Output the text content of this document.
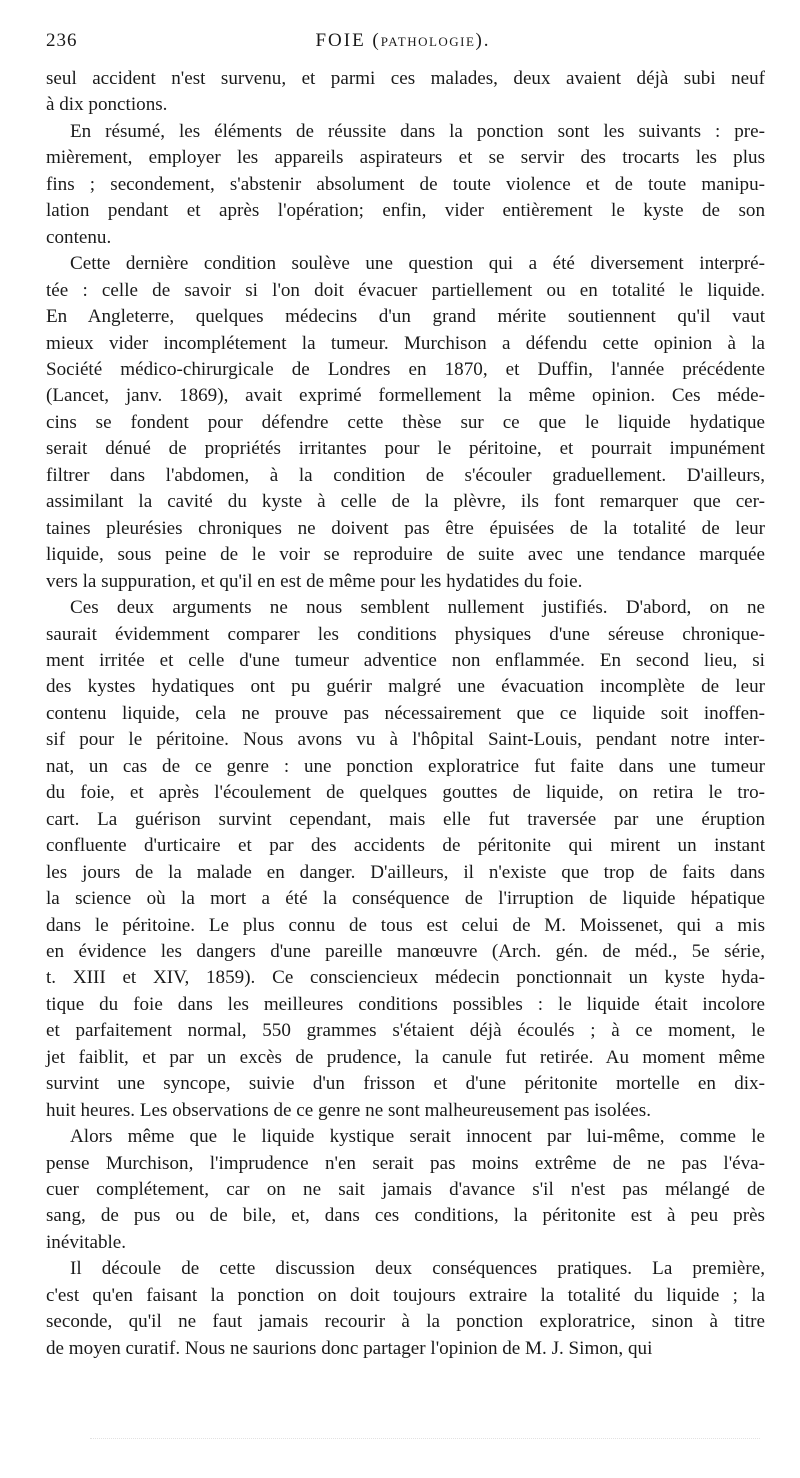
236	FOIE (PATHOLOGIE).
seul accident n'est survenu, et parmi ces malades, deux avaient déjà subi neuf
à dix ponctions.
En résumé, les éléments de réussite dans la ponction sont les suivants : pre-
mièrement, employer les appareils aspirateurs et se servir des trocarts les plus
fins ; secondement, s'abstenir absolument de toute violence et de toute manipu-
lation pendant et après l'opération; enfin, vider entièrement le kyste de son
contenu.
Cette dernière condition soulève une question qui a été diversement interpré-
tée : celle de savoir si l'on doit évacuer partiellement ou en totalité le liquide.
En Angleterre, quelques médecins d'un grand mérite soutiennent qu'il vaut
mieux vider incomplétement la tumeur. Murchison a défendu cette opinion à la
Société médico-chirurgicale de Londres en 1870, et Duffin, l'année précédente
(Lancet, janv. 1869), avait exprimé formellement la même opinion. Ces méde-
cins se fondent pour défendre cette thèse sur ce que le liquide hydatique
serait dénué de propriétés irritantes pour le péritoine, et pourrait impunément
filtrer dans l'abdomen, à la condition de s'écouler graduellement. D'ailleurs,
assimilant la cavité du kyste à celle de la plèvre, ils font remarquer que cer-
taines pleurésies chroniques ne doivent pas être épuisées de la totalité de leur
liquide, sous peine de le voir se reproduire de suite avec une tendance marquée
vers la suppuration, et qu'il en est de même pour les hydatides du foie.
Ces deux arguments ne nous semblent nullement justifiés. D'abord, on ne
saurait évidemment comparer les conditions physiques d'une séreuse chronique-
ment irritée et celle d'une tumeur adventice non enflammée. En second lieu, si
des kystes hydatiques ont pu guérir malgré une évacuation incomplète de leur
contenu liquide, cela ne prouve pas nécessairement que ce liquide soit inoffen-
sif pour le péritoine. Nous avons vu à l'hôpital Saint-Louis, pendant notre inter-
nat, un cas de ce genre : une ponction exploratrice fut faite dans une tumeur
du foie, et après l'écoulement de quelques gouttes de liquide, on retira le tro-
cart. La guérison survint cependant, mais elle fut traversée par une éruption
confluente d'urticaire et par des accidents de péritonite qui mirent un instant
les jours de la malade en danger. D'ailleurs, il n'existe que trop de faits dans
la science où la mort a été la conséquence de l'irruption de liquide hépatique
dans le péritoine. Le plus connu de tous est celui de M. Moissenet, qui a mis
en évidence les dangers d'une pareille manœuvre (Arch. gén. de méd., 5e série,
t. XIII et XIV, 1859). Ce consciencieux médecin ponctionnait un kyste hyda-
tique du foie dans les meilleures conditions possibles : le liquide était incolore
et parfaitement normal, 550 grammes s'étaient déjà écoulés ; à ce moment, le
jet faiblit, et par un excès de prudence, la canule fut retirée. Au moment même
survint une syncope, suivie d'un frisson et d'une péritonite mortelle en dix-
huit heures. Les observations de ce genre ne sont malheureusement pas isolées.
Alors même que le liquide kystique serait innocent par lui-même, comme le
pense Murchison, l'imprudence n'en serait pas moins extrême de ne pas l'éva-
cuer complétement, car on ne sait jamais d'avance s'il n'est pas mélangé de
sang, de pus ou de bile, et, dans ces conditions, la péritonite est à peu près
inévitable.
Il découle de cette discussion deux conséquences pratiques. La première,
c'est qu'en faisant la ponction on doit toujours extraire la totalité du liquide ; la
seconde, qu'il ne faut jamais recourir à la ponction exploratrice, sinon à titre
de moyen curatif. Nous ne saurions donc partager l'opinion de M. J. Simon, qui
